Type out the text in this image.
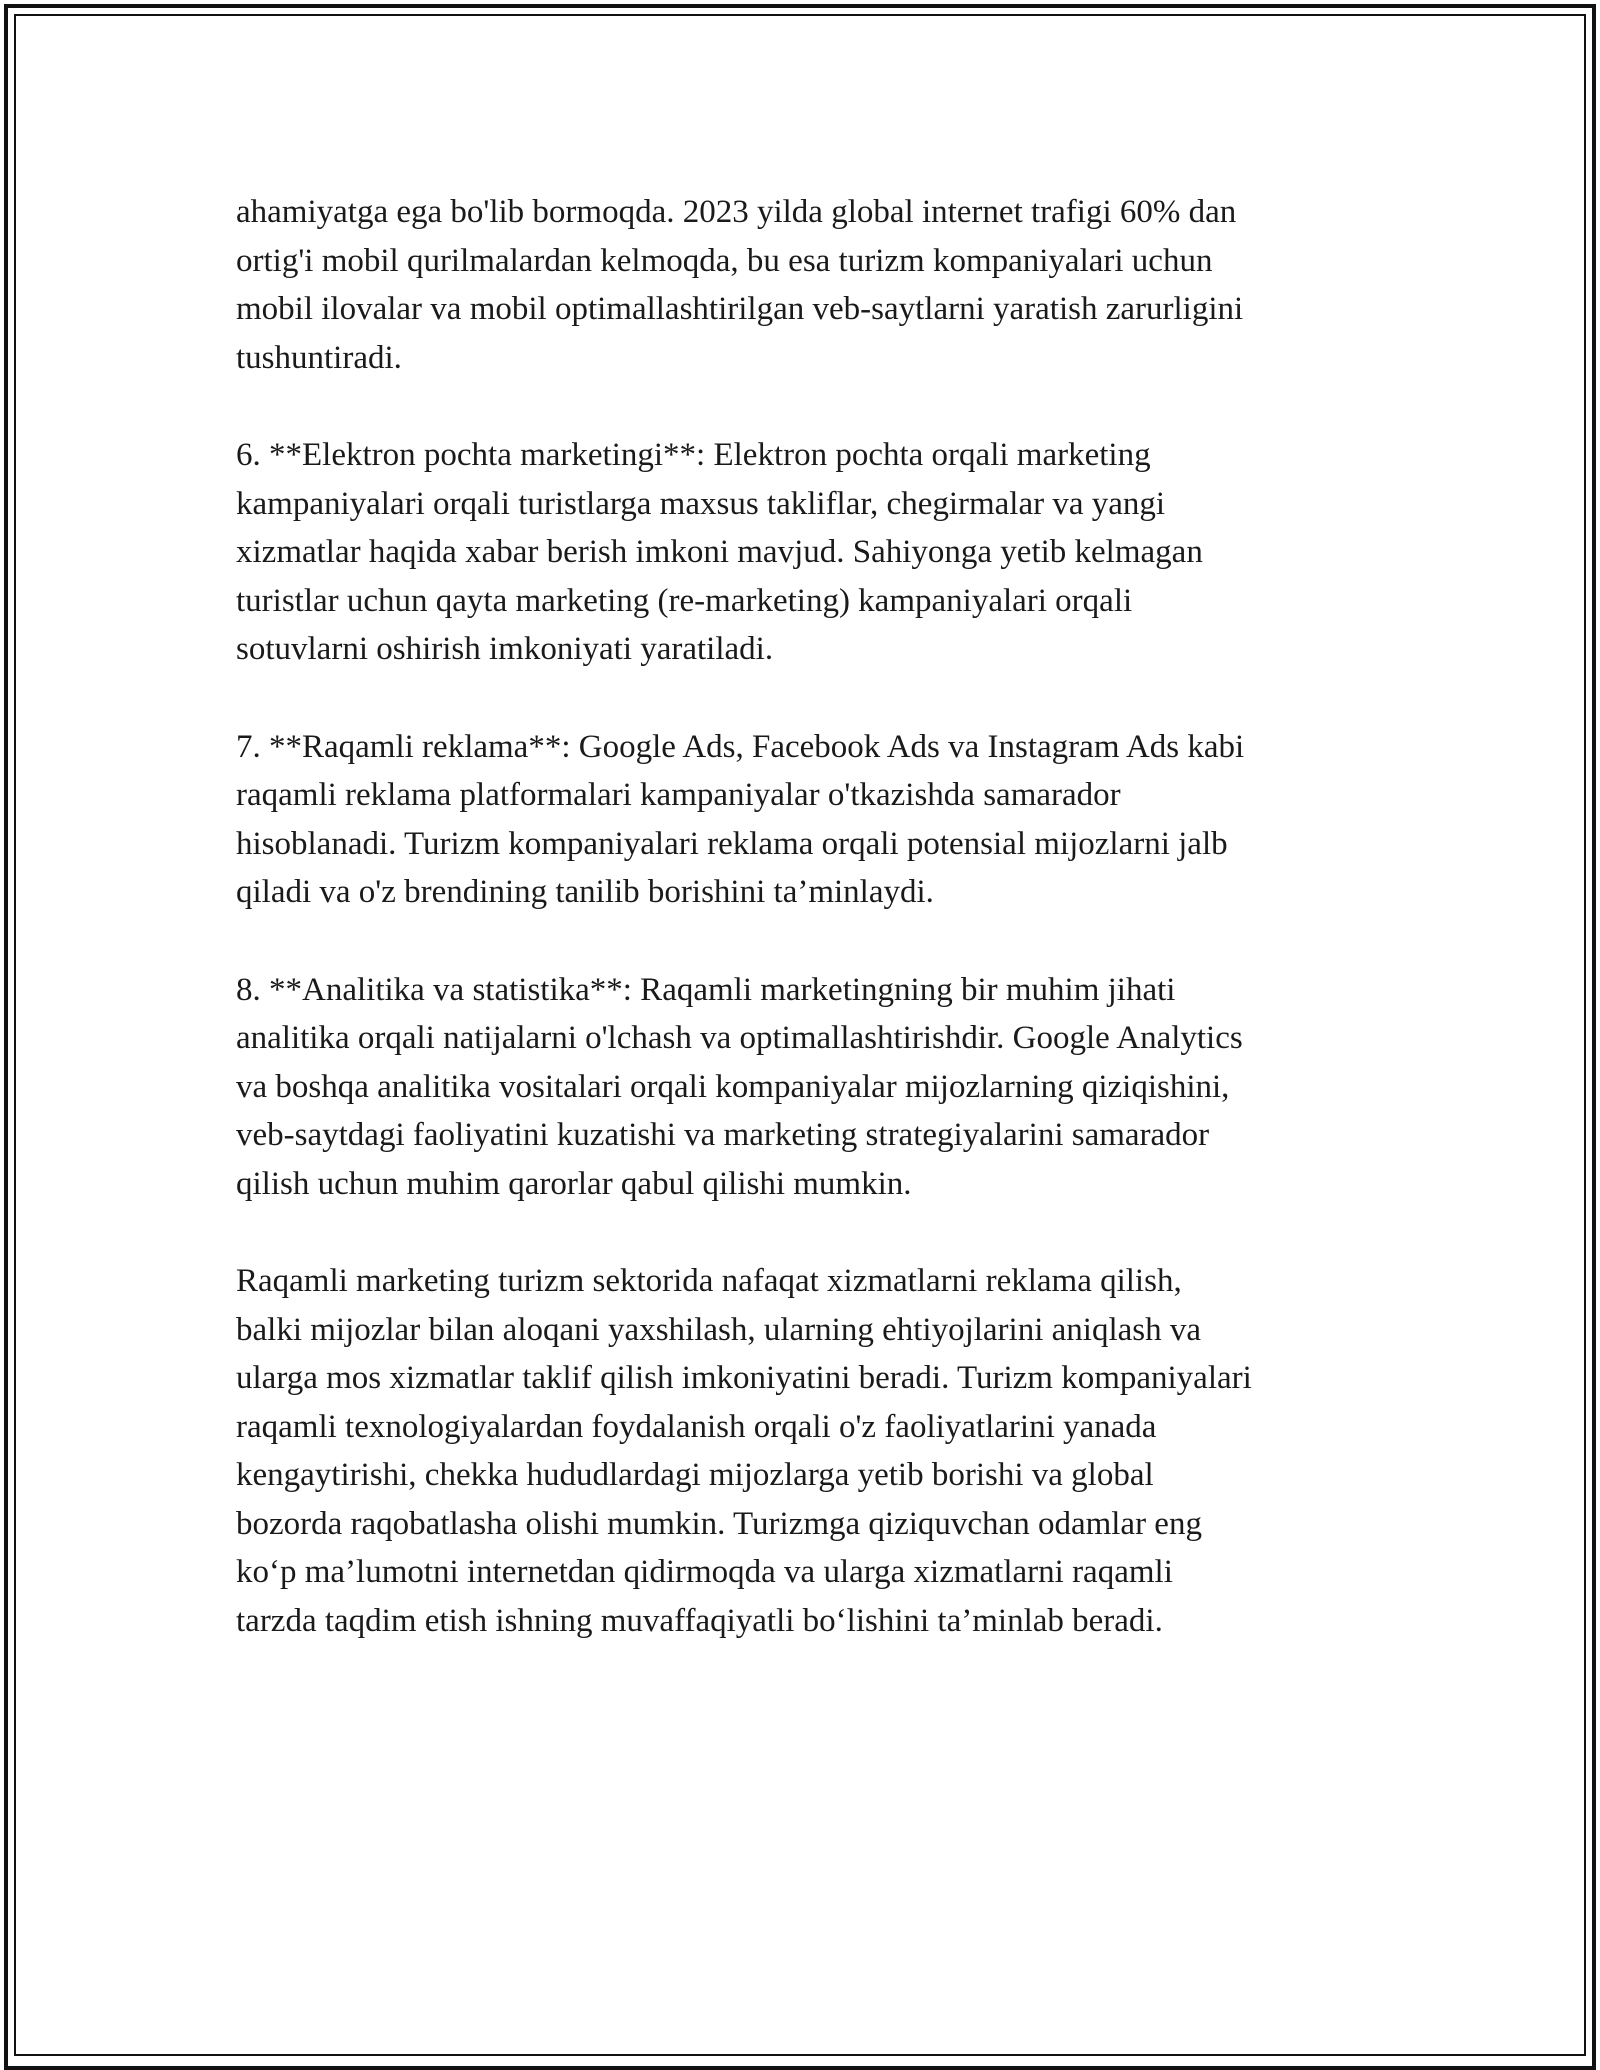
ahamiyatga ega bo'lib bormoqda. 2023 yilda global internet trafigi 60% dan
ortig'i mobil qurilmalardan kelmoqda, bu esa turizm kompaniyalari uchun
mobil ilovalar va mobil optimallashtirilgan veb-saytlarni yaratish zarurligini
tushuntiradi.

6. **Elektron pochta marketingi**: Elektron pochta orqali marketing
kampaniyalari orqali turistlarga maxsus takliflar, chegirmalar va yangi
xizmatlar haqida xabar berish imkoni mavjud. Sahiyonga yetib kelmagan
turistlar uchun qayta marketing (re-marketing) kampaniyalari orqali
sotuvlarni oshirish imkoniyati yaratiladi.

7. **Raqamli reklama**: Google Ads, Facebook Ads va Instagram Ads kabi
raqamli reklama platformalari kampaniyalar o'tkazishda samarador
hisoblanadi. Turizm kompaniyalari reklama orqali potensial mijozlarni jalb
qiladi va o'z brendining tanilib borishini ta’minlaydi.

8. **Analitika va statistika**: Raqamli marketingning bir muhim jihati
analitika orqali natijalarni o'lchash va optimallashtirishdir. Google Analytics
va boshqa analitika vositalari orqali kompaniyalar mijozlarning qiziqishini,
veb-saytdagi faoliyatini kuzatishi va marketing strategiyalarini samarador
qilish uchun muhim qarorlar qabul qilishi mumkin.

Raqamli marketing turizm sektorida nafaqat xizmatlarni reklama qilish,
balki mijozlar bilan aloqani yaxshilash, ularning ehtiyojlarini aniqlash va
ularga mos xizmatlar taklif qilish imkoniyatini beradi. Turizm kompaniyalari
raqamli texnologiyalardan foydalanish orqali o'z faoliyatlarini yanada
kengaytirishi, chekka hududlardagi mijozlarga yetib borishi va global
bozorda raqobatlasha olishi mumkin. Turizmga qiziquvchan odamlar eng
ko‘p ma’lumotni internetdan qidirmoqda va ularga xizmatlarni raqamli
tarzda taqdim etish ishning muvaffaqiyatli bo‘lishini ta’minlab beradi.
